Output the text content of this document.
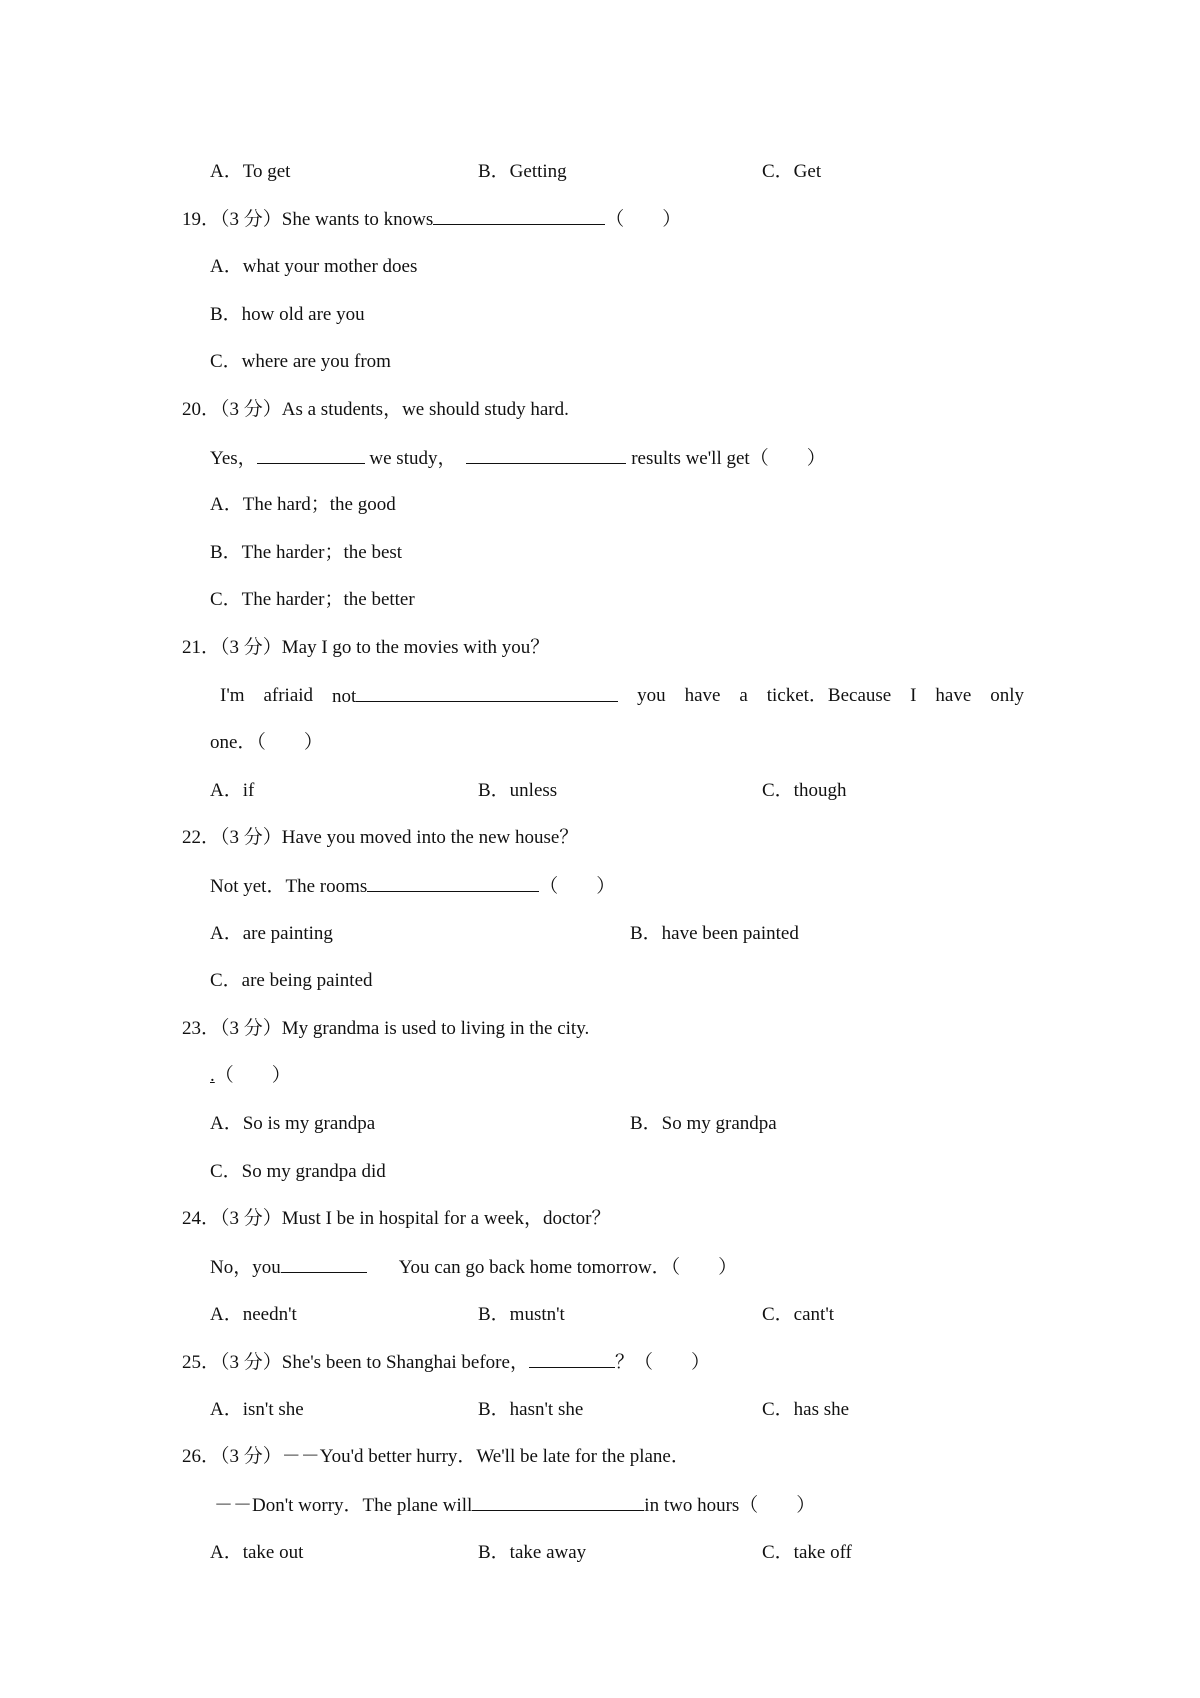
A．To get	B．Getting	C．Get
19．（3 分）She wants to knows	（　　）
A．what your mother does
B．how old are you
C．where are you from
20．（3 分）As a students，we should study hard.
Yes，	we study，	results we'll get（　　）
A．The hard；the good
B．The harder；the best
C．The harder；the better
21．（3 分）May I go to the movies with you？
I'm afriaid not	you have a ticket．Because I have only
one．（　　）
A．if	B．unless	C．though
22．（3 分）Have you moved into the new house？
Not yet．The rooms	（　　）
A．are painting	B．have been painted
C．are being painted
23．（3 分）My grandma is used to living in the city.
.（　　）
A．So is my grandpa	B．So my grandpa
C．So my grandpa did
24．（3 分）Must I be in hospital for a week，doctor？
No，you	You can go back home tomorrow．（　　）
A．needn't	B．mustn't	C．cant't
25．（3 分）She's been to Shanghai before，	？（　　）
A．isn't she	B．hasn't she	C．has she
26．（3 分）－－You'd better hurry．We'll be late for the plane．
－－Don't worry．The plane will	in two hours（　　）
A．take out	B．take away	C．take off
